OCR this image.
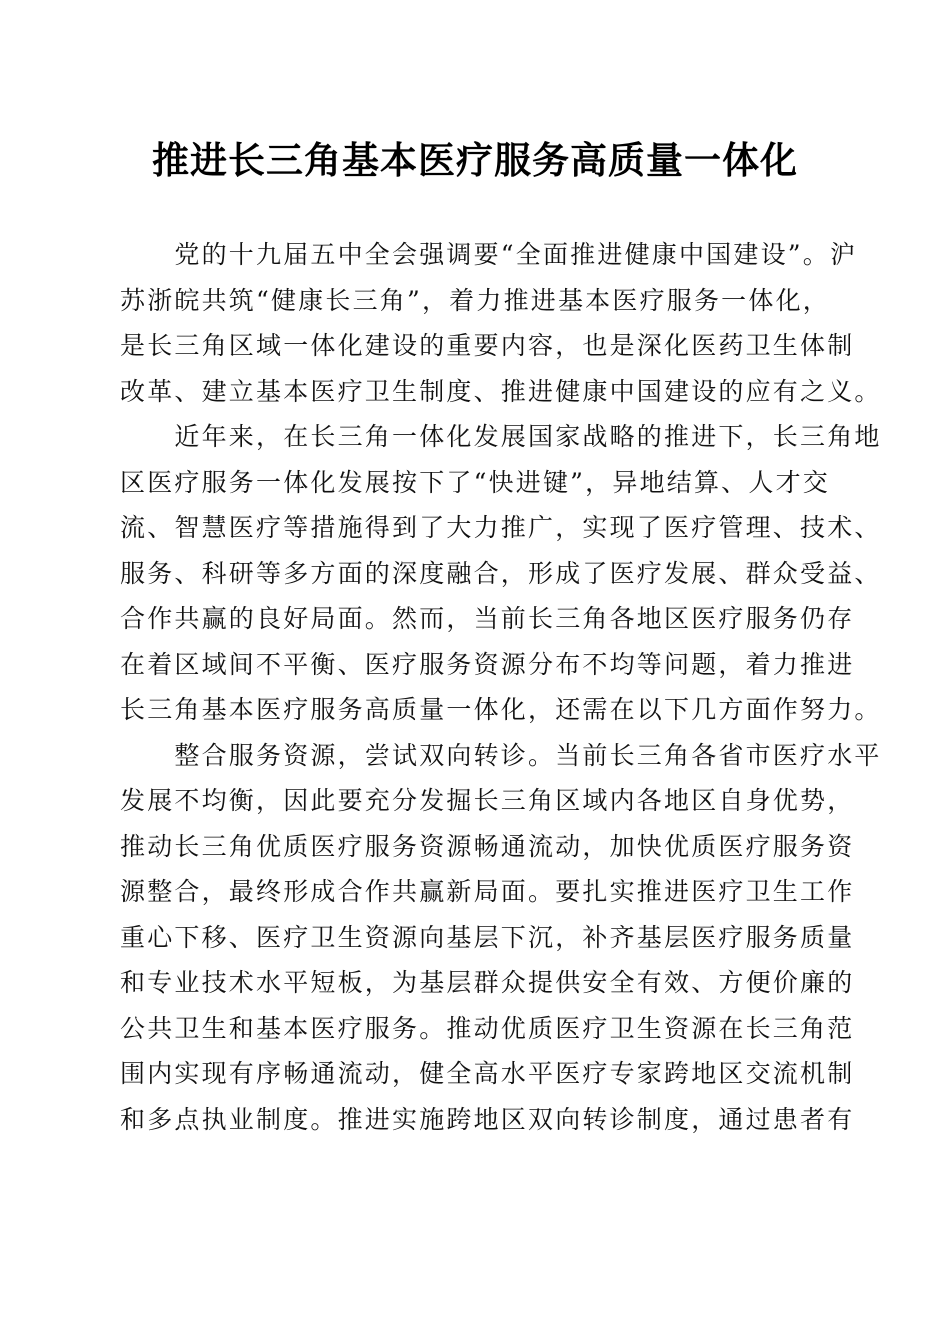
推进长三角基本医疗服务高质量一体化
　　党的十九届五中全会强调要“全面推进健康中国建设”。沪
苏浙皖共筑“健康长三角”，着力推进基本医疗服务一体化，
是长三角区域一体化建设的重要内容，也是深化医药卫生体制
改革、建立基本医疗卫生制度、推进健康中国建设的应有之义。
　　近年来，在长三角一体化发展国家战略的推进下，长三角地
区医疗服务一体化发展按下了“快进键”，异地结算、人才交
流、智慧医疗等措施得到了大力推广，实现了医疗管理、技术、
服务、科研等多方面的深度融合，形成了医疗发展、群众受益、
合作共赢的良好局面。然而，当前长三角各地区医疗服务仍存
在着区域间不平衡、医疗服务资源分布不均等问题，着力推进
长三角基本医疗服务高质量一体化，还需在以下几方面作努力。
　　整合服务资源，尝试双向转诊。当前长三角各省市医疗水平
发展不均衡，因此要充分发掘长三角区域内各地区自身优势，
推动长三角优质医疗服务资源畅通流动，加快优质医疗服务资
源整合，最终形成合作共赢新局面。要扎实推进医疗卫生工作
重心下移、医疗卫生资源向基层下沉，补齐基层医疗服务质量
和专业技术水平短板，为基层群众提供安全有效、方便价廉的
公共卫生和基本医疗服务。推动优质医疗卫生资源在长三角范
围内实现有序畅通流动，健全高水平医疗专家跨地区交流机制
和多点执业制度。推进实施跨地区双向转诊制度，通过患者有
